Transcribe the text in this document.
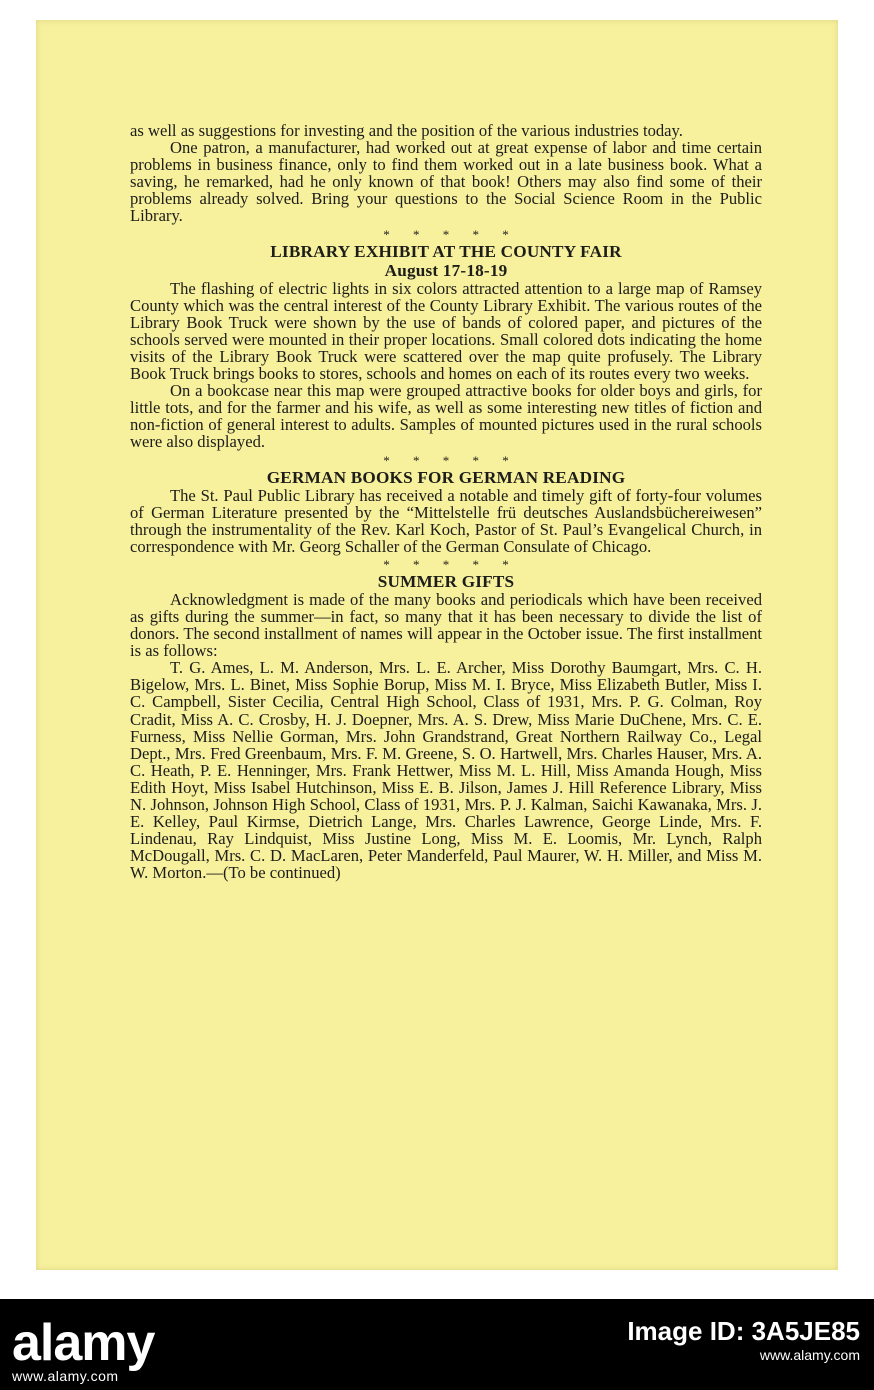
as well as suggestions for investing and the position of the various industries today.

One patron, a manufacturer, had worked out at great expense of labor and time certain problems in business finance, only to find them worked out in a late business book. What a saving, he remarked, had he only known of that book! Others may also find some of their problems already solved. Bring your questions to the Social Science Room in the Public Library.

* * * * *
LIBRARY EXHIBIT AT THE COUNTY FAIR
August 17-18-19

The flashing of electric lights in six colors attracted attention to a large map of Ramsey County which was the central interest of the County Library Exhibit. The various routes of the Library Book Truck were shown by the use of bands of colored paper, and pictures of the schools served were mounted in their proper locations. Small colored dots indicating the home visits of the Library Book Truck were scattered over the map quite profusely. The Library Book Truck brings books to stores, schools and homes on each of its routes every two weeks.

On a bookcase near this map were grouped attractive books for older boys and girls, for little tots, and for the farmer and his wife, as well as some interesting new titles of fiction and non-fiction of general interest to adults. Samples of mounted pictures used in the rural schools were also displayed.

* * * * *
GERMAN BOOKS FOR GERMAN READING

The St. Paul Public Library has received a notable and timely gift of forty-four volumes of German Literature presented by the “Mittelstelle frü deutsches Auslandsbüchereiwesen” through the instrumentality of the Rev. Karl Koch, Pastor of St. Paul’s Evangelical Church, in correspondence with Mr. Georg Schaller of the German Consulate of Chicago.

* * * * *
SUMMER GIFTS

Acknowledgment is made of the many books and periodicals which have been received as gifts during the summer—in fact, so many that it has been necessary to divide the list of donors. The second installment of names will appear in the October issue. The first installment is as follows:

T. G. Ames, L. M. Anderson, Mrs. L. E. Archer, Miss Dorothy Baumgart, Mrs. C. H. Bigelow, Mrs. L. Binet, Miss Sophie Borup, Miss M. I. Bryce, Miss Elizabeth Butler, Miss I. C. Campbell, Sister Cecilia, Central High School, Class of 1931, Mrs. P. G. Colman, Roy Cradit, Miss A. C. Crosby, H. J. Doepner, Mrs. A. S. Drew, Miss Marie DuChene, Mrs. C. E. Furness, Miss Nellie Gorman, Mrs. John Grandstrand, Great Northern Railway Co., Legal Dept., Mrs. Fred Greenbaum, Mrs. F. M. Greene, S. O. Hartwell, Mrs. Charles Hauser, Mrs. A. C. Heath, P. E. Henninger, Mrs. Frank Hettwer, Miss M. L. Hill, Miss Amanda Hough, Miss Edith Hoyt, Miss Isabel Hutchinson, Miss E. B. Jilson, James J. Hill Reference Library, Miss N. Johnson, Johnson High School, Class of 1931, Mrs. P. J. Kalman, Saichi Kawanaka, Mrs. J. E. Kelley, Paul Kirmse, Dietrich Lange, Mrs. Charles Lawrence, George Linde, Mrs. F. Lindenau, Ray Lindquist, Miss Justine Long, Miss M. E. Loomis, Mr. Lynch, Ralph McDougall, Mrs. C. D. MacLaren, Peter Manderfeld, Paul Maurer, W. H. Miller, and Miss M. W. Morton.—(To be continued)

alamy
www.alamy.com
Image ID: 3A5JE85
www.alamy.com
